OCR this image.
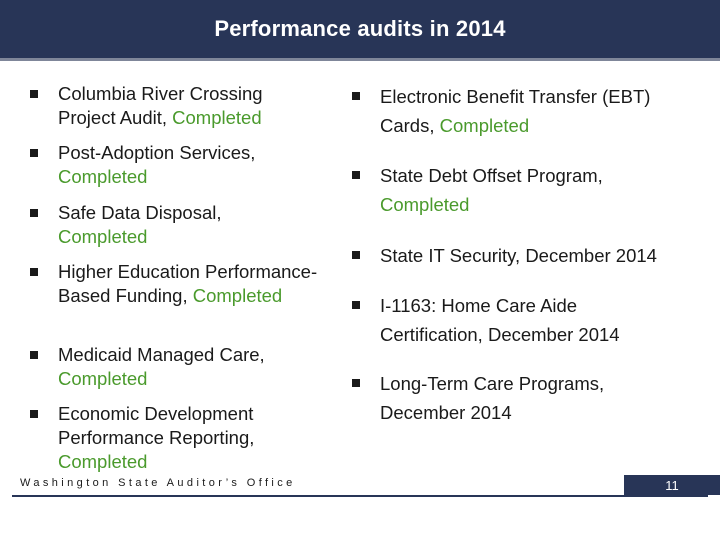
Performance audits in 2014
Columbia River Crossing Project Audit, Completed
Post-Adoption Services, Completed
Safe Data Disposal, Completed
Higher Education Performance-Based Funding, Completed
Medicaid Managed Care, Completed
Economic Development Performance Reporting, Completed
Electronic Benefit Transfer (EBT) Cards, Completed
State Debt Offset Program, Completed
State IT Security, December 2014
I-1163: Home Care Aide Certification, December 2014
Long-Term Care Programs, December 2014
Washington State Auditor’s Office	11
